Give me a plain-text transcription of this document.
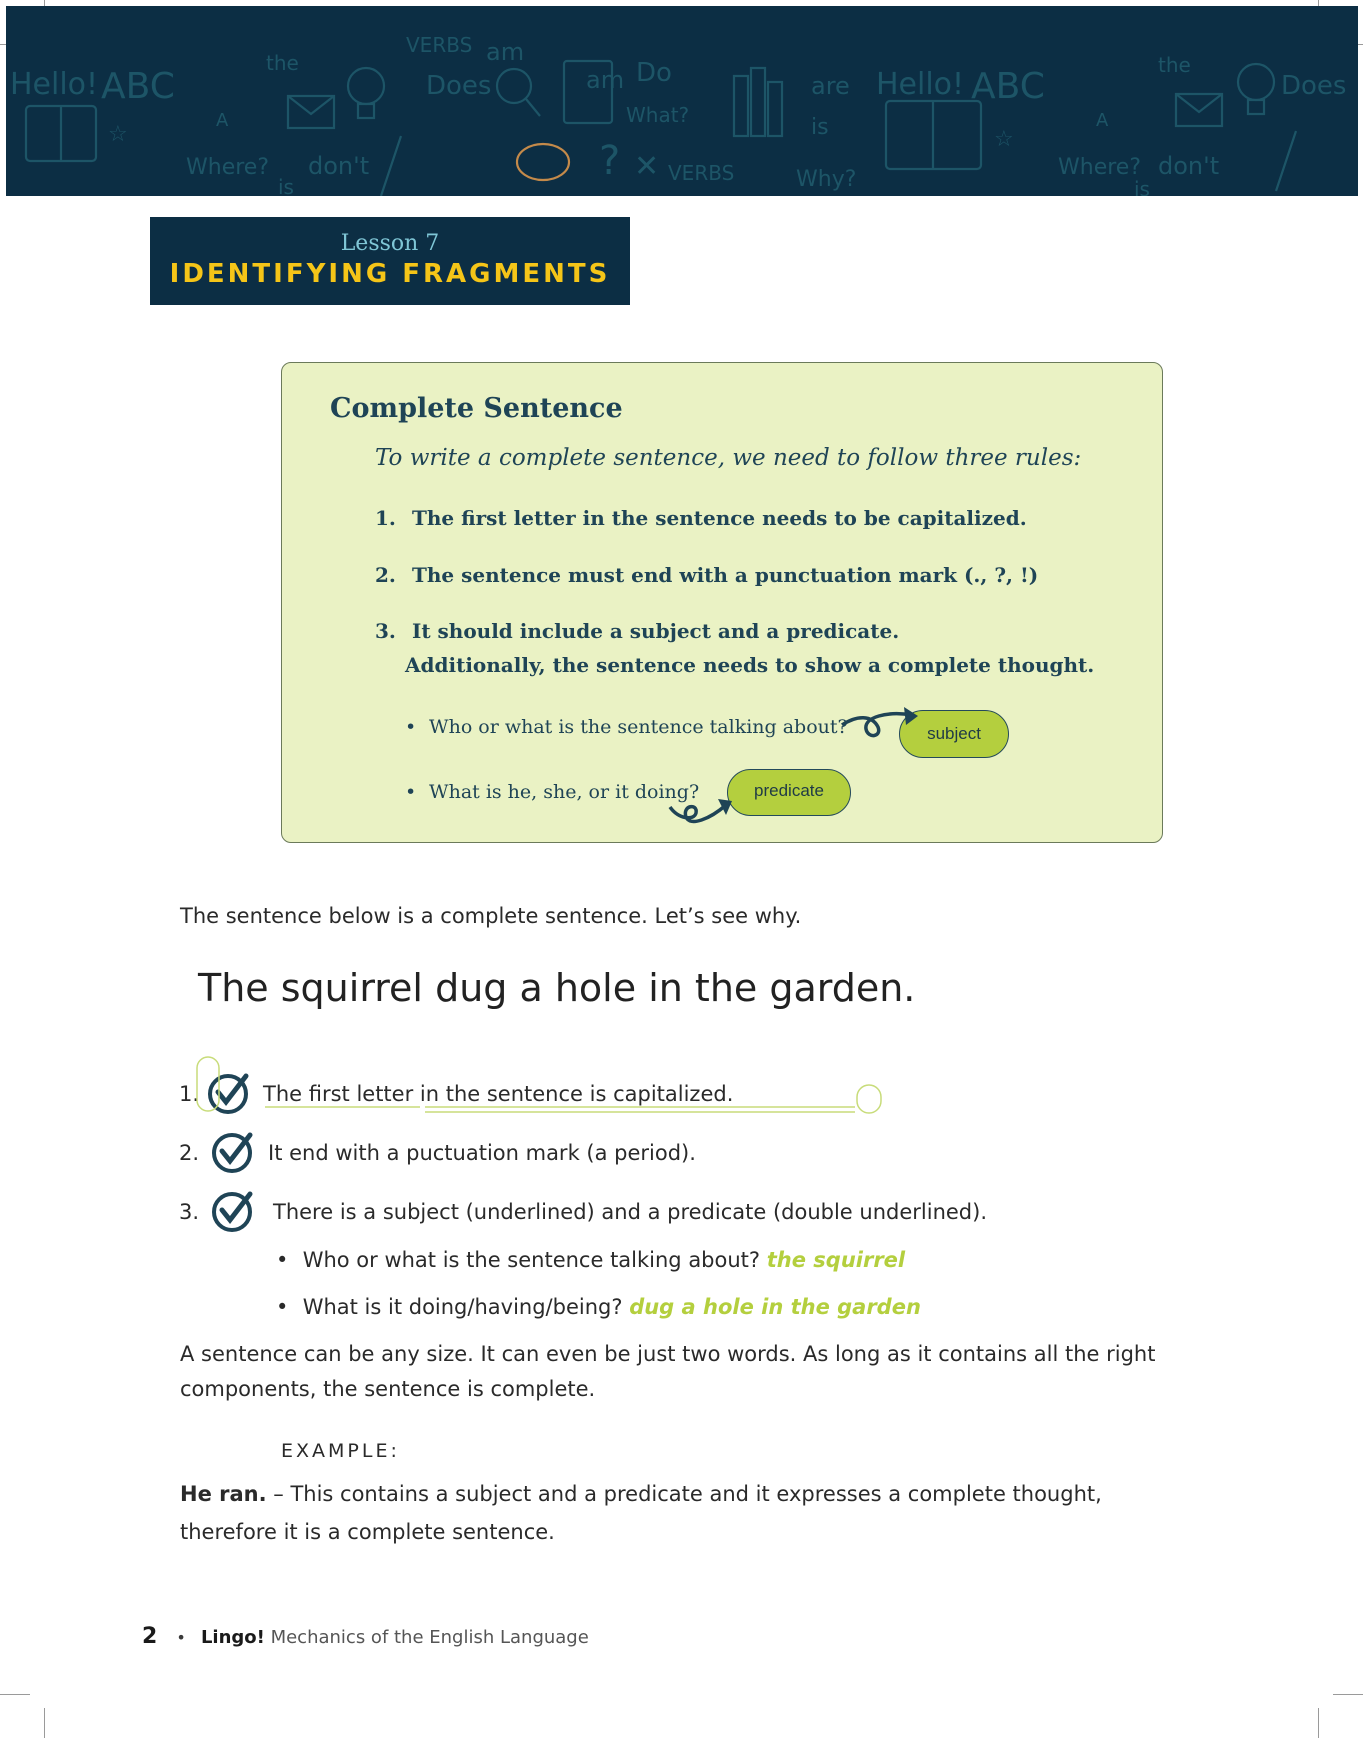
Hello! ABC
the
VERBS am
Does	Do
am
What?
are
is
Where? don't
is
VERBS	Why?
Hello! ABC
the
Does
Where? don't
is
A	A
☆	☆
? ✕
Lesson 7
IDENTIFYING FRAGMENTS
Complete Sentence
To write a complete sentence, we need to follow three rules:
1. The first letter in the sentence needs to be capitalized.
2. The sentence must end with a punctuation mark (., ?, !)
3. It should include a subject and a predicate.
Additionally, the sentence needs to show a complete thought.
• Who or what is the sentence talking about?
• What is he, she, or it doing?
subject
predicate
The sentence below is a complete sentence. Let’s see why.
The squirrel dug a hole in the garden.
1.	The first letter in the sentence is capitalized.
2.	It end with a puctuation mark (a period).
3.	There is a subject (underlined) and a predicate (double underlined).
• Who or what is the sentence talking about? the squirrel
• What is it doing/having/being? dug a hole in the garden
A sentence can be any size. It can even be just two words. As long as it contains all the right
components, the sentence is complete.
EXAMPLE:
He ran. – This contains a subject and a predicate and it expresses a complete thought,
therefore it is a complete sentence.
2 • Lingo! Mechanics of the English Language
